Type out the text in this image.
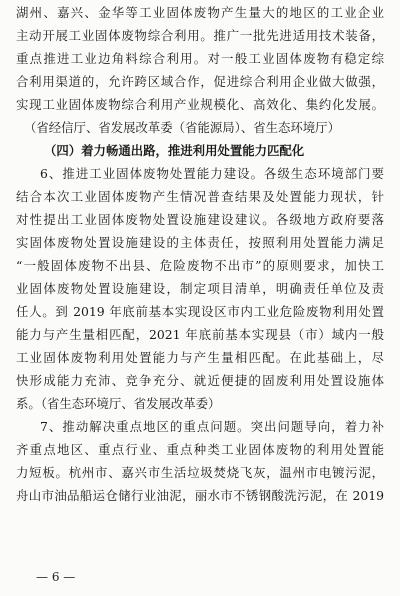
湖州、嘉兴、金华等工业固体废物产生量大的地区的工业企业
主动开展工业固体废物综合利用。推广一批先进适用技术装备，
重点推进工业边角料综合利用。对一般工业固体废物有稳定综
合利用渠道的，允许跨区域合作，促进综合利用企业做大做强，
实现工业固体废物综合利用产业规模化、高效化、集约化发展。
（省经信厅、省发展改革委（省能源局）、省生态环境厅）
（四）着力畅通出路，推进利用处置能力匹配化
6、推进工业固体废物处置能力建设。各级生态环境部门要
结合本次工业固体废物产生情况普查结果及处置能力现状，针
对性提出工业固体废物处置设施建设建议。各级地方政府要落
实固体废物处置设施建设的主体责任，按照利用处置能力满足
“一般固体废物不出县、危险废物不出市”的原则要求，加快工
业固体废物处置设施建设，制定项目清单，明确责任单位及责
任人。到 2019 年底前基本实现设区市内工业危险废物利用处置
能力与产生量相匹配，2021 年底前基本实现县（市）域内一般
工业固体废物利用处置能力与产生量相匹配。在此基础上，尽
快形成能力充沛、竞争充分、就近便捷的固废利用处置设施体
系。（省生态环境厅、省发展改革委）
7、推动解决重点地区的重点问题。突出问题导向，着力补
齐重点地区、重点行业、重点种类工业固体废物的利用处置能
力短板。杭州市、嘉兴市生活垃圾焚烧飞灰，温州市电镀污泥，
舟山市油品船运仓储行业油泥，丽水市不锈钢酸洗污泥，在 2019
— 6 —
